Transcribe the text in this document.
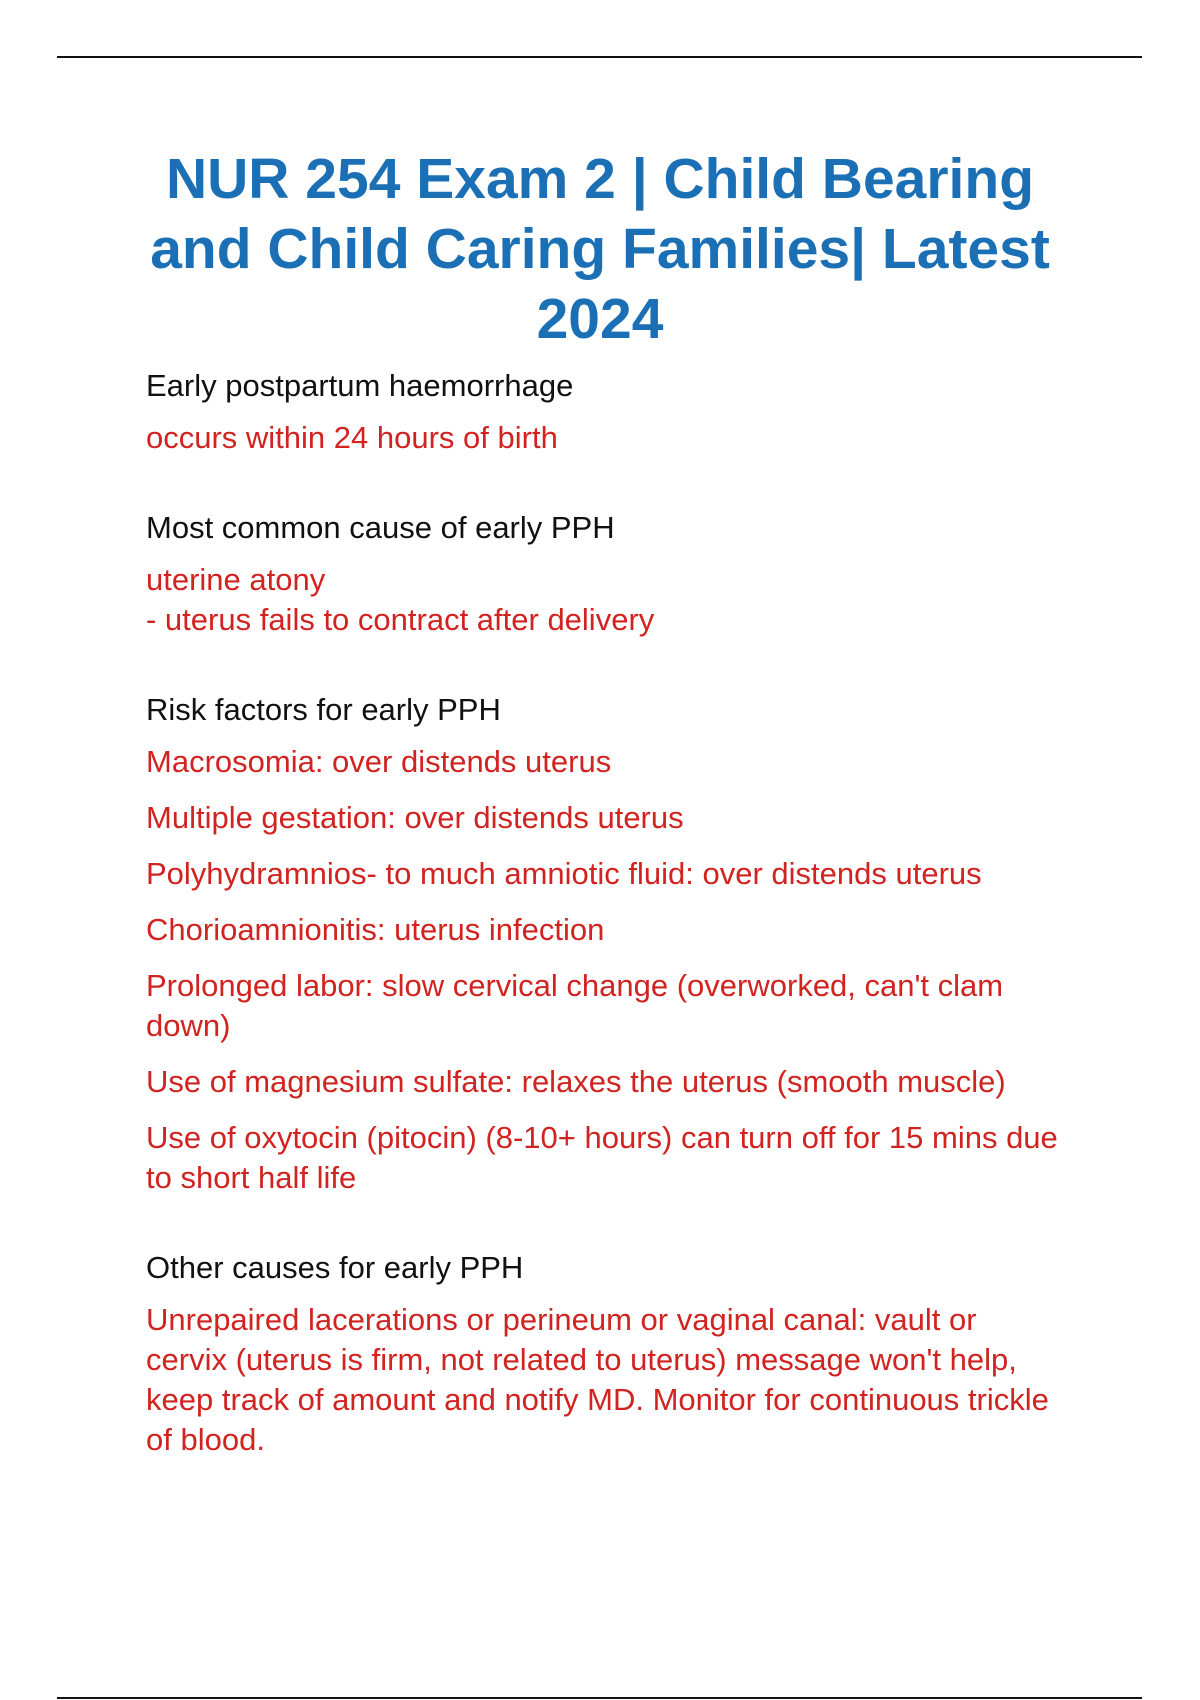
NUR 254 Exam 2 | Child Bearing and Child Caring Families| Latest 2024
Early postpartum haemorrhage
occurs within 24 hours of birth
Most common cause of early PPH
uterine atony
- uterus fails to contract after delivery
Risk factors for early PPH
Macrosomia: over distends uterus
Multiple gestation: over distends uterus
Polyhydramnios- to much amniotic fluid: over distends uterus
Chorioamnionitis: uterus infection
Prolonged labor: slow cervical change (overworked, can't clam down)
Use of magnesium sulfate: relaxes the uterus (smooth muscle)
Use of oxytocin (pitocin) (8-10+ hours) can turn off for 15 mins due to short half life
Other causes for early PPH
Unrepaired lacerations or perineum or vaginal canal: vault or cervix (uterus is firm, not related to uterus) message won't help, keep track of amount and notify MD. Monitor for continuous trickle of blood.
